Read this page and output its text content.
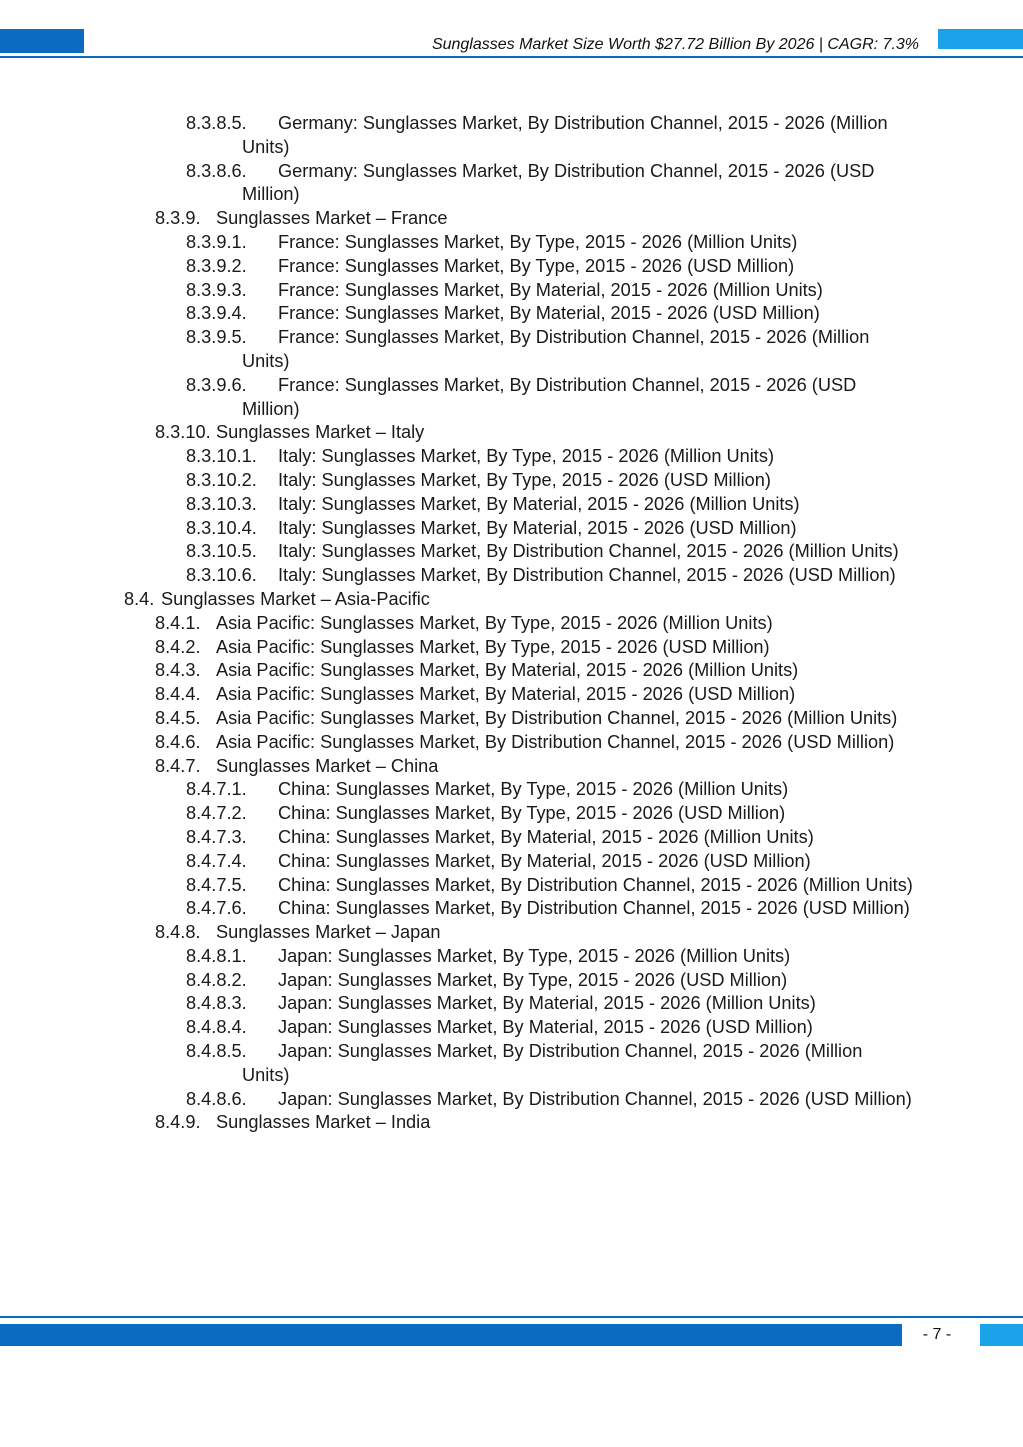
Sunglasses Market Size Worth $27.72 Billion By 2026 | CAGR: 7.3%
8.3.8.5.	Germany: Sunglasses Market, By Distribution Channel, 2015 - 2026 (Million Units)
8.3.8.6.	Germany: Sunglasses Market, By Distribution Channel, 2015 - 2026 (USD Million)
8.3.9. Sunglasses Market – France
8.3.9.1.	France: Sunglasses Market, By Type, 2015 - 2026 (Million Units)
8.3.9.2.	France: Sunglasses Market, By Type, 2015 - 2026 (USD Million)
8.3.9.3.	France: Sunglasses Market, By Material, 2015 - 2026 (Million Units)
8.3.9.4.	France: Sunglasses Market, By Material, 2015 - 2026 (USD Million)
8.3.9.5.	France: Sunglasses Market, By Distribution Channel, 2015 - 2026 (Million Units)
8.3.9.6.	France: Sunglasses Market, By Distribution Channel, 2015 - 2026 (USD Million)
8.3.10. Sunglasses Market – Italy
8.3.10.1.	Italy: Sunglasses Market, By Type, 2015 - 2026 (Million Units)
8.3.10.2.	Italy: Sunglasses Market, By Type, 2015 - 2026 (USD Million)
8.3.10.3.	Italy: Sunglasses Market, By Material, 2015 - 2026 (Million Units)
8.3.10.4.	Italy: Sunglasses Market, By Material, 2015 - 2026 (USD Million)
8.3.10.5.	Italy: Sunglasses Market, By Distribution Channel, 2015 - 2026 (Million Units)
8.3.10.6.	Italy: Sunglasses Market, By Distribution Channel, 2015 - 2026 (USD Million)
8.4. Sunglasses Market – Asia-Pacific
8.4.1. Asia Pacific: Sunglasses Market, By Type, 2015 - 2026 (Million Units)
8.4.2. Asia Pacific: Sunglasses Market, By Type, 2015 - 2026 (USD Million)
8.4.3. Asia Pacific: Sunglasses Market, By Material, 2015 - 2026 (Million Units)
8.4.4. Asia Pacific: Sunglasses Market, By Material, 2015 - 2026 (USD Million)
8.4.5. Asia Pacific: Sunglasses Market, By Distribution Channel, 2015 - 2026 (Million Units)
8.4.6. Asia Pacific: Sunglasses Market, By Distribution Channel, 2015 - 2026 (USD Million)
8.4.7. Sunglasses Market – China
8.4.7.1.	China: Sunglasses Market, By Type, 2015 - 2026 (Million Units)
8.4.7.2.	China: Sunglasses Market, By Type, 2015 - 2026 (USD Million)
8.4.7.3.	China: Sunglasses Market, By Material, 2015 - 2026 (Million Units)
8.4.7.4.	China: Sunglasses Market, By Material, 2015 - 2026 (USD Million)
8.4.7.5.	China: Sunglasses Market, By Distribution Channel, 2015 - 2026 (Million Units)
8.4.7.6.	China: Sunglasses Market, By Distribution Channel, 2015 - 2026 (USD Million)
8.4.8. Sunglasses Market – Japan
8.4.8.1.	Japan: Sunglasses Market, By Type, 2015 - 2026 (Million Units)
8.4.8.2.	Japan: Sunglasses Market, By Type, 2015 - 2026 (USD Million)
8.4.8.3.	Japan: Sunglasses Market, By Material, 2015 - 2026 (Million Units)
8.4.8.4.	Japan: Sunglasses Market, By Material, 2015 - 2026 (USD Million)
8.4.8.5.	Japan: Sunglasses Market, By Distribution Channel, 2015 - 2026 (Million Units)
8.4.8.6.	Japan: Sunglasses Market, By Distribution Channel, 2015 - 2026 (USD Million)
8.4.9. Sunglasses Market – India
- 7 -
